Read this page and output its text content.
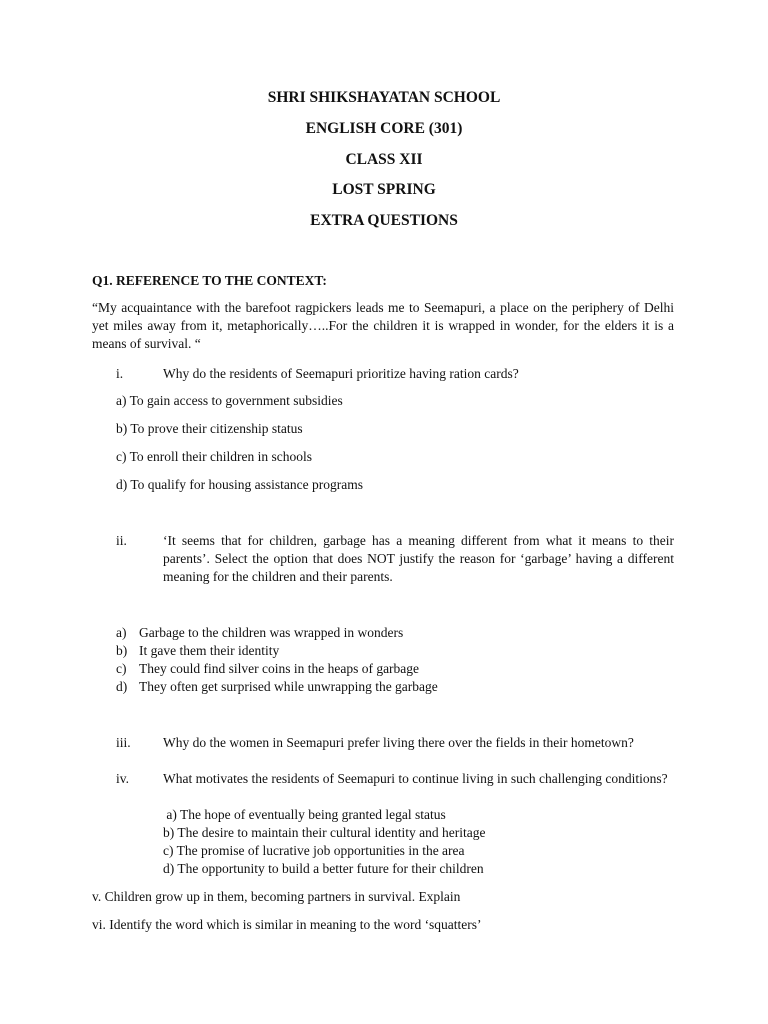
SHRI SHIKSHAYATAN SCHOOL
ENGLISH CORE (301)
CLASS XII
LOST SPRING
EXTRA QUESTIONS
Q1. REFERENCE TO THE CONTEXT:
“My acquaintance with the barefoot ragpickers leads me to Seemapuri, a place on the periphery of Delhi yet miles away from it, metaphorically…..For the children it is wrapped in wonder, for the elders it is a means of survival. “
i.	Why do the residents of Seemapuri prioritize having ration cards?
a) To gain access to government subsidies
b) To prove their citizenship status
c) To enroll their children in schools
d) To qualify for housing assistance programs
ii.	‘It seems that for children, garbage has a meaning different from what it means to their parents’. Select the option that does NOT justify the reason for ‘garbage’ having a different meaning for the children and their parents.
a) Garbage to the children was wrapped in wonders
b) It gave them their identity
c) They could find silver coins in the heaps of garbage
d) They often get surprised while unwrapping the garbage
iii.	Why do the women in Seemapuri prefer living there over the fields in their hometown?
iv.	What motivates the residents of Seemapuri to continue living in such challenging conditions?
a) The hope of eventually being granted legal status
b) The desire to maintain their cultural identity and heritage
c) The promise of lucrative job opportunities in the area
d) The opportunity to build a better future for their children
v. Children grow up in them, becoming partners in survival. Explain
vi. Identify the word which is similar in meaning to the word ‘squatters’
